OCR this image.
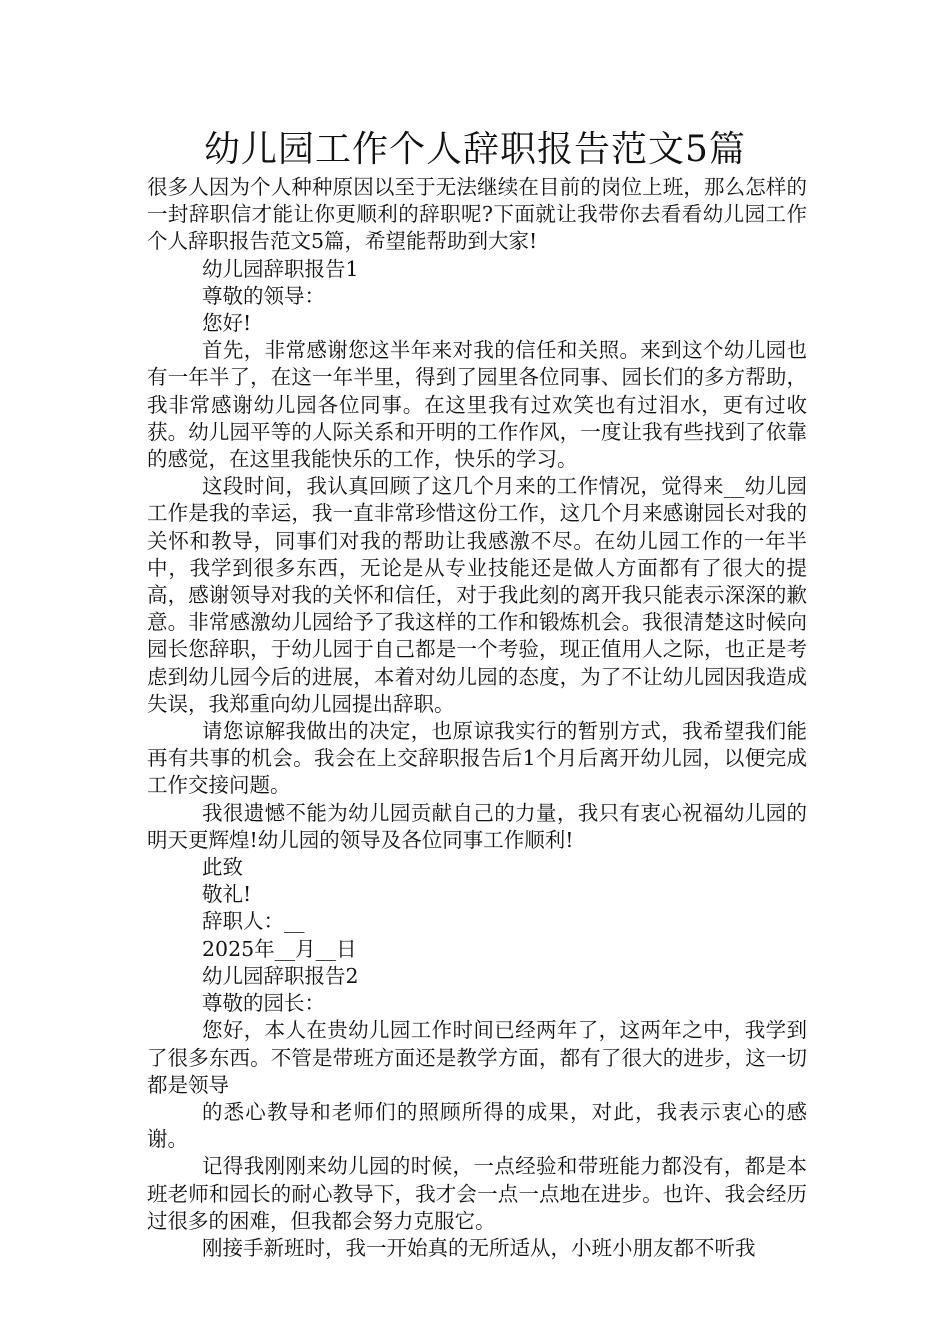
幼儿园工作个人辞职报告范文5篇

很多人因为个人种种原因以至于无法继续在目前的岗位上班，那么怎样的一封辞职信才能让你更顺利的辞职呢?下面就让我带你去看看幼儿园工作个人辞职报告范文5篇，希望能帮助到大家!

幼儿园辞职报告1

尊敬的领导：

您好!

首先，非常感谢您这半年来对我的信任和关照。来到这个幼儿园也有一年半了，在这一年半里，得到了园里各位同事、园长们的多方帮助，我非常感谢幼儿园各位同事。在这里我有过欢笑也有过泪水，更有过收获。幼儿园平等的人际关系和开明的工作作风，一度让我有些找到了依靠的感觉，在这里我能快乐的工作，快乐的学习。

这段时间，我认真回顾了这几个月来的工作情况，觉得来__幼儿园工作是我的幸运，我一直非常珍惜这份工作，这几个月来感谢园长对我的关怀和教导，同事们对我的帮助让我感激不尽。在幼儿园工作的一年半中，我学到很多东西，无论是从专业技能还是做人方面都有了很大的提高，感谢领导对我的关怀和信任，对于我此刻的离开我只能表示深深的歉意。非常感激幼儿园给予了我这样的工作和锻炼机会。我很清楚这时候向园长您辞职，于幼儿园于自己都是一个考验，现正值用人之际，也正是考虑到幼儿园今后的进展，本着对幼儿园的态度，为了不让幼儿园因我造成失误，我郑重向幼儿园提出辞职。

请您谅解我做出的决定，也原谅我实行的暂别方式，我希望我们能再有共事的机会。我会在上交辞职报告后1个月后离开幼儿园，以便完成工作交接问题。

我很遗憾不能为幼儿园贡献自己的力量，我只有衷心祝福幼儿园的明天更辉煌!幼儿园的领导及各位同事工作顺利!

此致

敬礼!

辞职人：__

2025年__月__日

幼儿园辞职报告2

尊敬的园长：

您好，本人在贵幼儿园工作时间已经两年了，这两年之中，我学到了很多东西。不管是带班方面还是教学方面，都有了很大的进步，这一切都是领导

的悉心教导和老师们的照顾所得的成果，对此，我表示衷心的感谢。

记得我刚刚来幼儿园的时候，一点经验和带班能力都没有，都是本班老师和园长的耐心教导下，我才会一点一点地在进步。也许、我会经历过很多的困难，但我都会努力克服它。

刚接手新班时，我一开始真的无所适从，小班小朋友都不听我
